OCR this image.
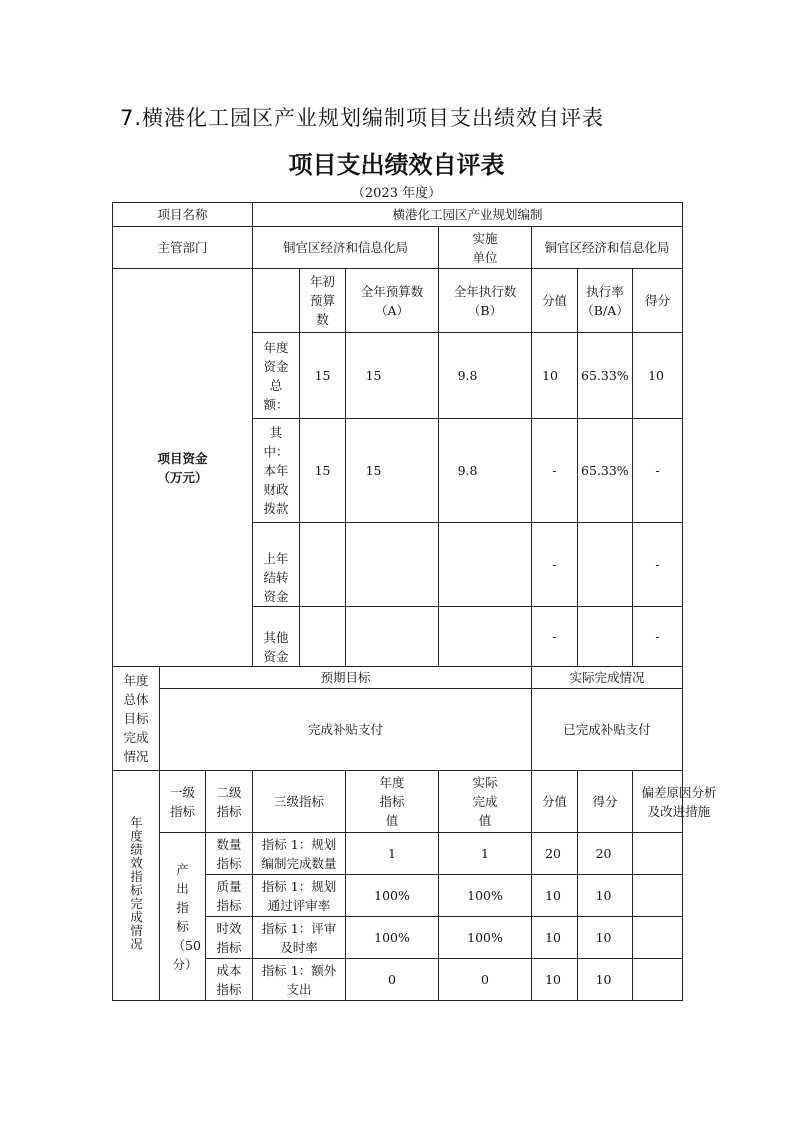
7.横港化工园区产业规划编制项目支出绩效自评表
项目支出绩效自评表
（2023 年度）
项目名称			横港化工园区产业规划编制						
主管部门			铜官区经济和信息化局			实施单位	铜官区经济和信息化局		

项目资金（万元）				年初预算数	全年预算数（A）	全年执行数（B）	分值	执行率（B/A）	得分

			年度资金总额：	15	15	9.8	10	65.33%	10

			其中：本年财政拨款	15	15	9.8	-	65.33%	-

			上年结转资金				-		-

			其他资金				-		-

年度总体目标完成情况	预期目标						实际完成情况		
	完成补贴支付						已完成补贴支付		
年度绩效指标完成情况	一级指标	二级指标	三级指标		年度指标值	实际完成值	分值	得分	偏差原因分析及改进措施

	产出指标（50分）	数量指标	指标 1：规划编制完成数量		1	1	20	20	

		质量指标	指标 1：规划通过评审率		100%	100%	10	10	

		时效指标	指标 1：评审及时率		100%	100%	10	10	

		成本指标	指标 1：额外支出		0	0	10	10	
